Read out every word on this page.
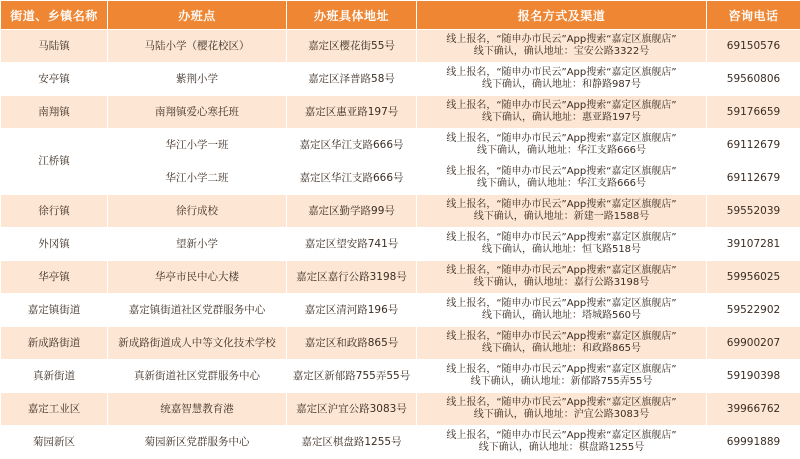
街道、乡镇名称	办班点	办班具体地址	报名方式及渠道	咨询电话
马陆镇	马陆小学（樱花校区）	嘉定区樱花街55号	线上报名，“随申办市民云”App搜索“嘉定区旗舰店”
线下确认，确认地址：宝安公路3322号	69150576
安亭镇	紫荆小学	嘉定区泽普路58号	线上报名，“随申办市民云”App搜索“嘉定区旗舰店”
线下确认，确认地址：和静路987号	59560806
南翔镇	南翔镇爱心寒托班	嘉定区惠亚路197号	线上报名，“随申办市民云”App搜索“嘉定区旗舰店”
线下确认，确认地址：惠亚路197号	59176659
江桥镇	华江小学一班	嘉定区华江支路666号	线上报名，“随申办市民云”App搜索“嘉定区旗舰店”
线下确认，确认地址：华江支路666号	69112679
	华江小学二班	嘉定区华江支路666号	线上报名，“随申办市民云”App搜索“嘉定区旗舰店”
线下确认，确认地址：华江支路666号	69112679
徐行镇	徐行成校	嘉定区勤学路99号	线上报名，“随申办市民云”App搜索“嘉定区旗舰店”
线下确认，确认地址：新建一路1588号	59552039
外冈镇	望新小学	嘉定区望安路741号	线上报名，“随申办市民云”App搜索“嘉定区旗舰店”
线下确认，确认地址：恒飞路518号	39107281
华亭镇	华亭市民中心大楼	嘉定区嘉行公路3198号	线上报名，“随申办市民云”App搜索“嘉定区旗舰店”
线下确认，确认地址：嘉行公路3198号	59956025
嘉定镇街道	嘉定镇街道社区党群服务中心	嘉定区清河路196号	线上报名，“随申办市民云”App搜索“嘉定区旗舰店”
线下确认，确认地址：塔城路560号	59522902
新成路街道	新成路街道成人中等文化技术学校	嘉定区和政路865号	线上报名，“随申办市民云”App搜索“嘉定区旗舰店”
线下确认，确认地址：和政路865号	69900207
真新街道	真新街道社区党群服务中心	嘉定区新郁路755弄55号	线上报名，“随申办市民云”App搜索“嘉定区旗舰店”
线下确认，确认地址：新郁路755弄55号	59190398
嘉定工业区	统嘉智慧教育港	嘉定区沪宜公路3083号	线上报名，“随申办市民云”App搜索“嘉定区旗舰店”
线下确认，确认地址：沪宜公路3083号	39966762
菊园新区	菊园新区党群服务中心	嘉定区棋盘路1255号	线上报名，“随申办市民云”App搜索“嘉定区旗舰店”
线下确认，确认地址：棋盘路1255号	69991889
